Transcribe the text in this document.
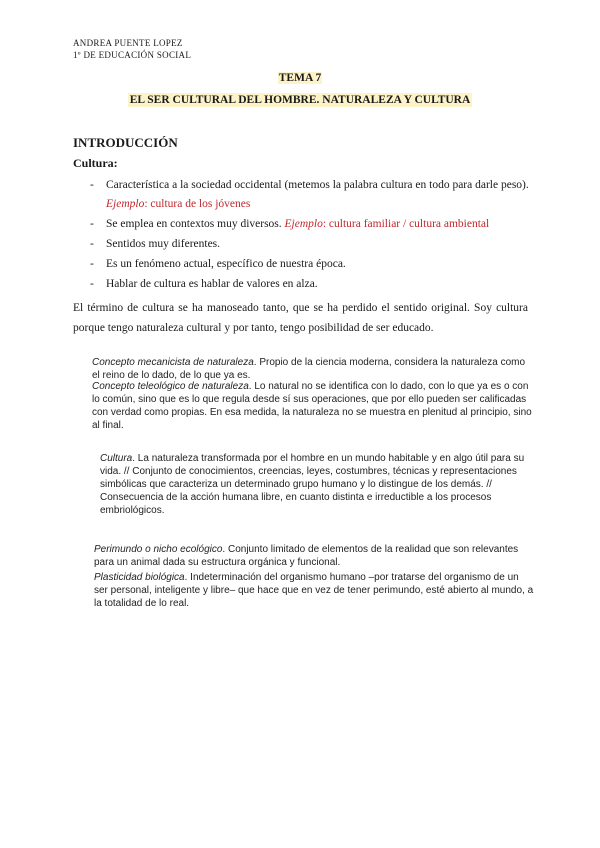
ANDREA PUENTE LOPEZ
1º DE EDUCACIÓN SOCIAL
TEMA 7
EL SER CULTURAL DEL HOMBRE. NATURALEZA Y CULTURA
INTRODUCCIÓN
Cultura:
- Característica a la sociedad occidental (metemos la palabra cultura en todo para darle peso). Ejemplo: cultura de los jóvenes
- Se emplea en contextos muy diversos. Ejemplo: cultura familiar / cultura ambiental
- Sentidos muy diferentes.
- Es un fenómeno actual, específico de nuestra época.
- Hablar de cultura es hablar de valores en alza.
El término de cultura se ha manoseado tanto, que se ha perdido el sentido original. Soy cultura porque tengo naturaleza cultural y por tanto, tengo posibilidad de ser educado.
Concepto mecanicista de naturaleza. Propio de la ciencia moderna, considera la naturaleza como el reino de lo dado, de lo que ya es.
Concepto teleológico de naturaleza. Lo natural no se identifica con lo dado, con lo que ya es o con lo común, sino que es lo que regula desde sí sus operaciones, que por ello pueden ser calificadas con verdad como propias. En esa medida, la naturaleza no se muestra en plenitud al principio, sino al final.
Cultura. La naturaleza transformada por el hombre en un mundo habitable y en algo útil para su vida. // Conjunto de conocimientos, creencias, leyes, costumbres, técnicas y representaciones simbólicas que caracteriza un determinado grupo humano y lo distingue de los demás. // Consecuencia de la acción humana libre, en cuanto distinta e irreductible a los procesos embriológicos.
Perimundo o nicho ecológico. Conjunto limitado de elementos de la realidad que son relevantes para un animal dada su estructura orgánica y funcional.
Plasticidad biológica. Indeterminación del organismo humano –por tratarse del organismo de un ser personal, inteligente y libre– que hace que en vez de tener perimundo, esté abierto al mundo, a la totalidad de lo real.
